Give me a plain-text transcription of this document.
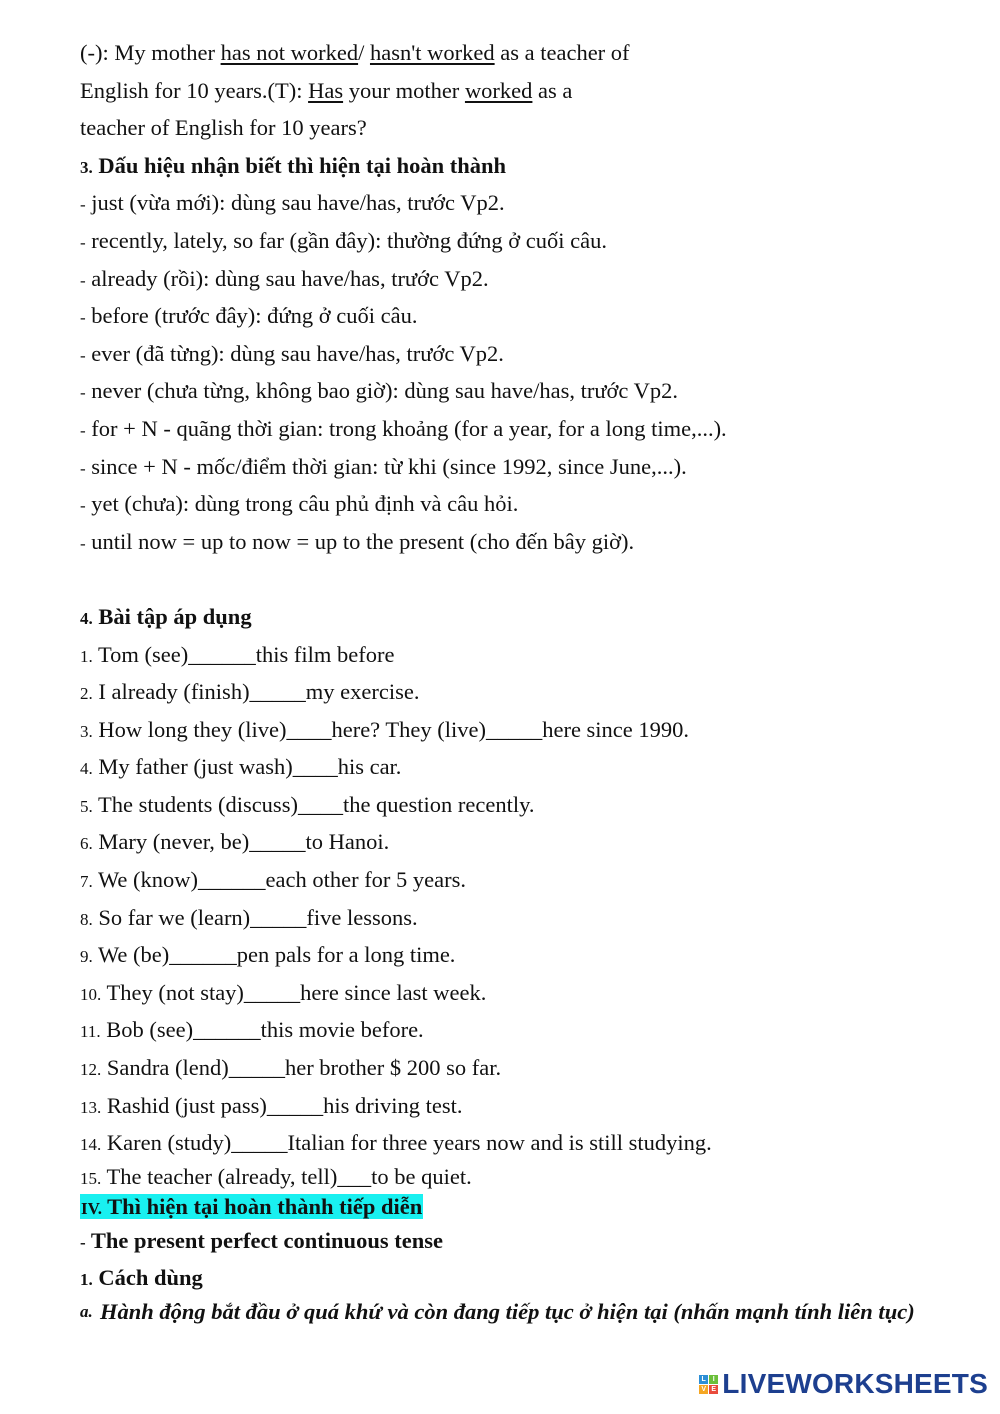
(-): My mother has not worked/ hasn't worked as a teacher of
English for 10 years.(T): Has your mother worked as a
teacher of English for 10 years?
3. Dấu hiệu nhận biết thì hiện tại hoàn thành
- just (vừa mới): dùng sau have/has, trước Vp2.
- recently, lately, so far (gần đây): thường đứng ở cuối câu.
- already (rồi): dùng sau have/has, trước Vp2.
- before (trước đây): đứng ở cuối câu.
- ever (đã từng): dùng sau have/has, trước Vp2.
- never (chưa từng, không bao giờ): dùng sau have/has, trước Vp2.
- for + N - quãng thời gian: trong khoảng (for a year, for a long time,...).
- since + N - mốc/điểm thời gian: từ khi (since 1992, since June,...).
- yet (chưa): dùng trong câu phủ định và câu hỏi.
- until now = up to now = up to the present (cho đến bây giờ).
4. Bài tập áp dụng
1. Tom (see)______this film before
2. I already (finish)_____my exercise.
3. How long they (live)____here? They (live)_____here since 1990.
4. My father (just wash)____his car.
5. The students (discuss)____the question recently.
6. Mary (never, be)_____to Hanoi.
7. We (know)______each other for 5 years.
8. So far we (learn)_____five lessons.
9. We (be)______pen pals for a long time.
10. They (not stay)_____here since last week.
11. Bob (see)______this movie before.
12. Sandra (lend)_____her brother $ 200 so far.
13. Rashid (just pass)_____his driving test.
14. Karen (study)_____Italian for three years now and is still studying.
15. The teacher (already, tell)___to be quiet.
IV. Thì hiện tại hoàn thành tiếp diễn
- The present perfect continuous tense
1. Cách dùng
a. Hành động bắt đầu ở quá khứ và còn đang tiếp tục ở hiện tại (nhấn mạnh tính liên tục)
L I
V E LIVEWORKSHEETS
